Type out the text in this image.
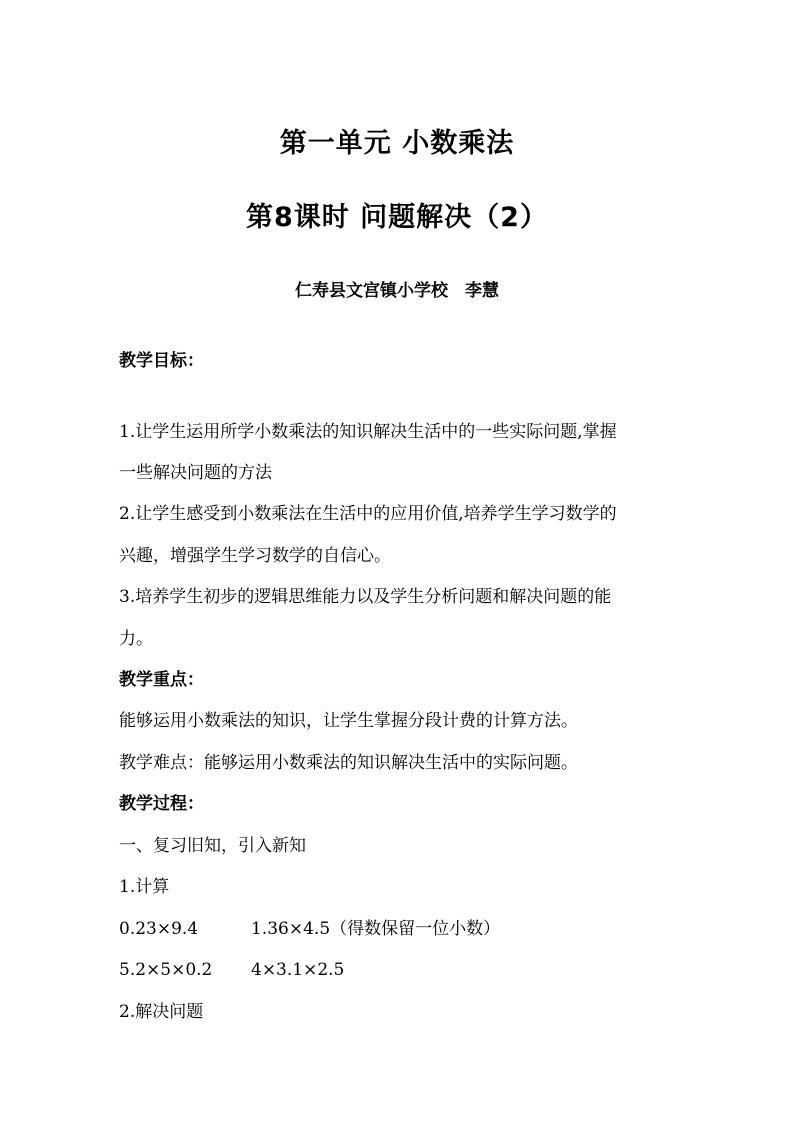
第一单元 小数乘法
第8课时 问题解决（2）
仁寿县文宫镇小学校　李慧
教学目标：
1.让学生运用所学小数乘法的知识解决生活中的一些实际问题,掌握
一些解决问题的方法
2.让学生感受到小数乘法在生活中的应用价值,培养学生学习数学的
兴趣，增强学生学习数学的自信心。
3.培养学生初步的逻辑思维能力以及学生分析问题和解决问题的能
力。
教学重点：
能够运用小数乘法的知识，让学生掌握分段计费的计算方法。
教学难点：能够运用小数乘法的知识解决生活中的实际问题。
教学过程：
一、复习旧知，引入新知
1.计算
0.23×9.4	1.36×4.5（得数保留一位小数）
5.2×5×0.2 4×3.1×2.5
2.解决问题
